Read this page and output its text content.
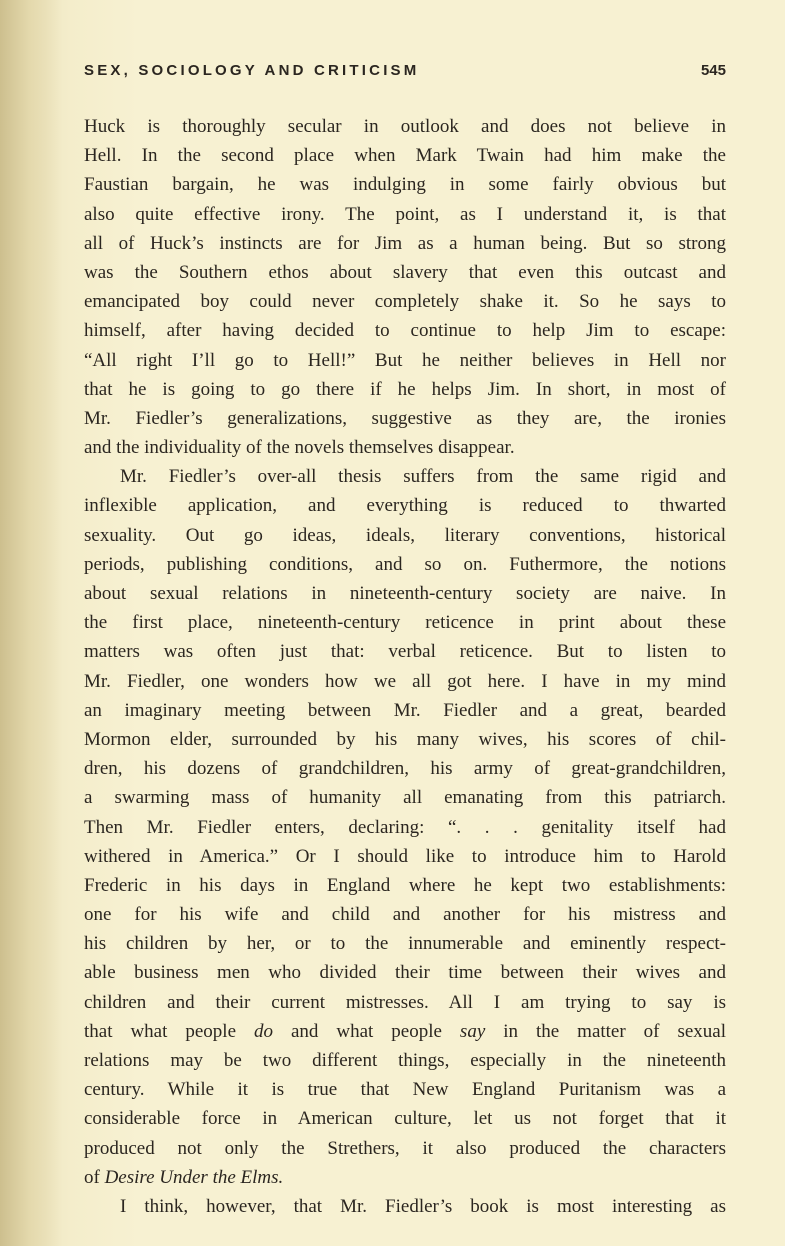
SEX, SOCIOLOGY AND CRITICISM	545
Huck is thoroughly secular in outlook and does not believe in
Hell. In the second place when Mark Twain had him make the
Faustian bargain, he was indulging in some fairly obvious but
also quite effective irony. The point, as I understand it, is that
all of Huck’s instincts are for Jim as a human being. But so strong
was the Southern ethos about slavery that even this outcast and
emancipated boy could never completely shake it. So he says to
himself, after having decided to continue to help Jim to escape:
“All right I’ll go to Hell!” But he neither believes in Hell nor
that he is going to go there if he helps Jim. In short, in most of
Mr. Fiedler’s generalizations, suggestive as they are, the ironies
and the individuality of the novels themselves disappear.
Mr. Fiedler’s over-all thesis suffers from the same rigid and
inflexible application, and everything is reduced to thwarted
sexuality. Out go ideas, ideals, literary conventions, historical
periods, publishing conditions, and so on. Futhermore, the notions
about sexual relations in nineteenth-century society are naive. In
the first place, nineteenth-century reticence in print about these
matters was often just that: verbal reticence. But to listen to
Mr. Fiedler, one wonders how we all got here. I have in my mind
an imaginary meeting between Mr. Fiedler and a great, bearded
Mormon elder, surrounded by his many wives, his scores of chil-
dren, his dozens of grandchildren, his army of great-grandchildren,
a swarming mass of humanity all emanating from this patriarch.
Then Mr. Fiedler enters, declaring: “. . . genitality itself had
withered in America.” Or I should like to introduce him to Harold
Frederic in his days in England where he kept two establishments:
one for his wife and child and another for his mistress and
his children by her, or to the innumerable and eminently respect-
able business men who divided their time between their wives and
children and their current mistresses. All I am trying to say is
that what people do and what people say in the matter of sexual
relations may be two different things, especially in the nineteenth
century. While it is true that New England Puritanism was a
considerable force in American culture, let us not forget that it
produced not only the Strethers, it also produced the characters
of Desire Under the Elms.
I think, however, that Mr. Fiedler’s book is most interesting as
